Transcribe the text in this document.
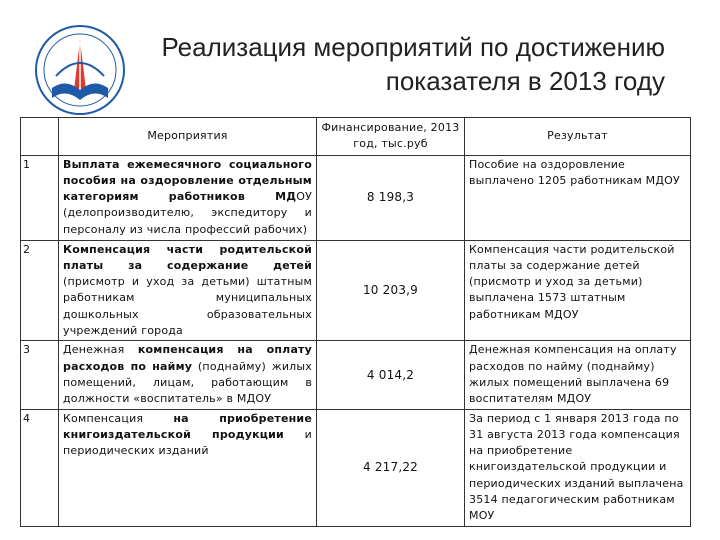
Реализация мероприятий по достижению показателя в 2013 году
	Мероприятия	Финансирование, 2013 год, тыс.руб	Результат
1	Выплата ежемесячного социального пособия на оздоровление отдельным категориям работников МДОУ (делопроизводителю, экспедитору и персоналу из числа профессий рабочих)	8 198,3	Пособие на оздоровление выплачено 1205 работникам МДОУ
2	Компенсация части родительской платы за содержание детей (присмотр и уход за детьми) штатным работникам муниципальных дошкольных образовательных учреждений города	10 203,9	Компенсация части родительской платы за содержание детей (присмотр и уход за детьми) выплачена 1573 штатным работникам МДОУ
3	Денежная компенсация на оплату расходов по найму (поднайму) жилых помещений, лицам, работающим в должности «воспитатель» в МДОУ	4 014,2	Денежная компенсация на оплату расходов по найму (поднайму) жилых помещений выплачена 69 воспитателям МДОУ
4	Компенсация на приобретение книгоиздательской продукции и периодических изданий	4 217,22	За период с 1 января 2013 года по 31 августа 2013 года компенсация на приобретение книгоиздательской продукции и периодических изданий выплачена 3514 педагогическим работникам МОУ
